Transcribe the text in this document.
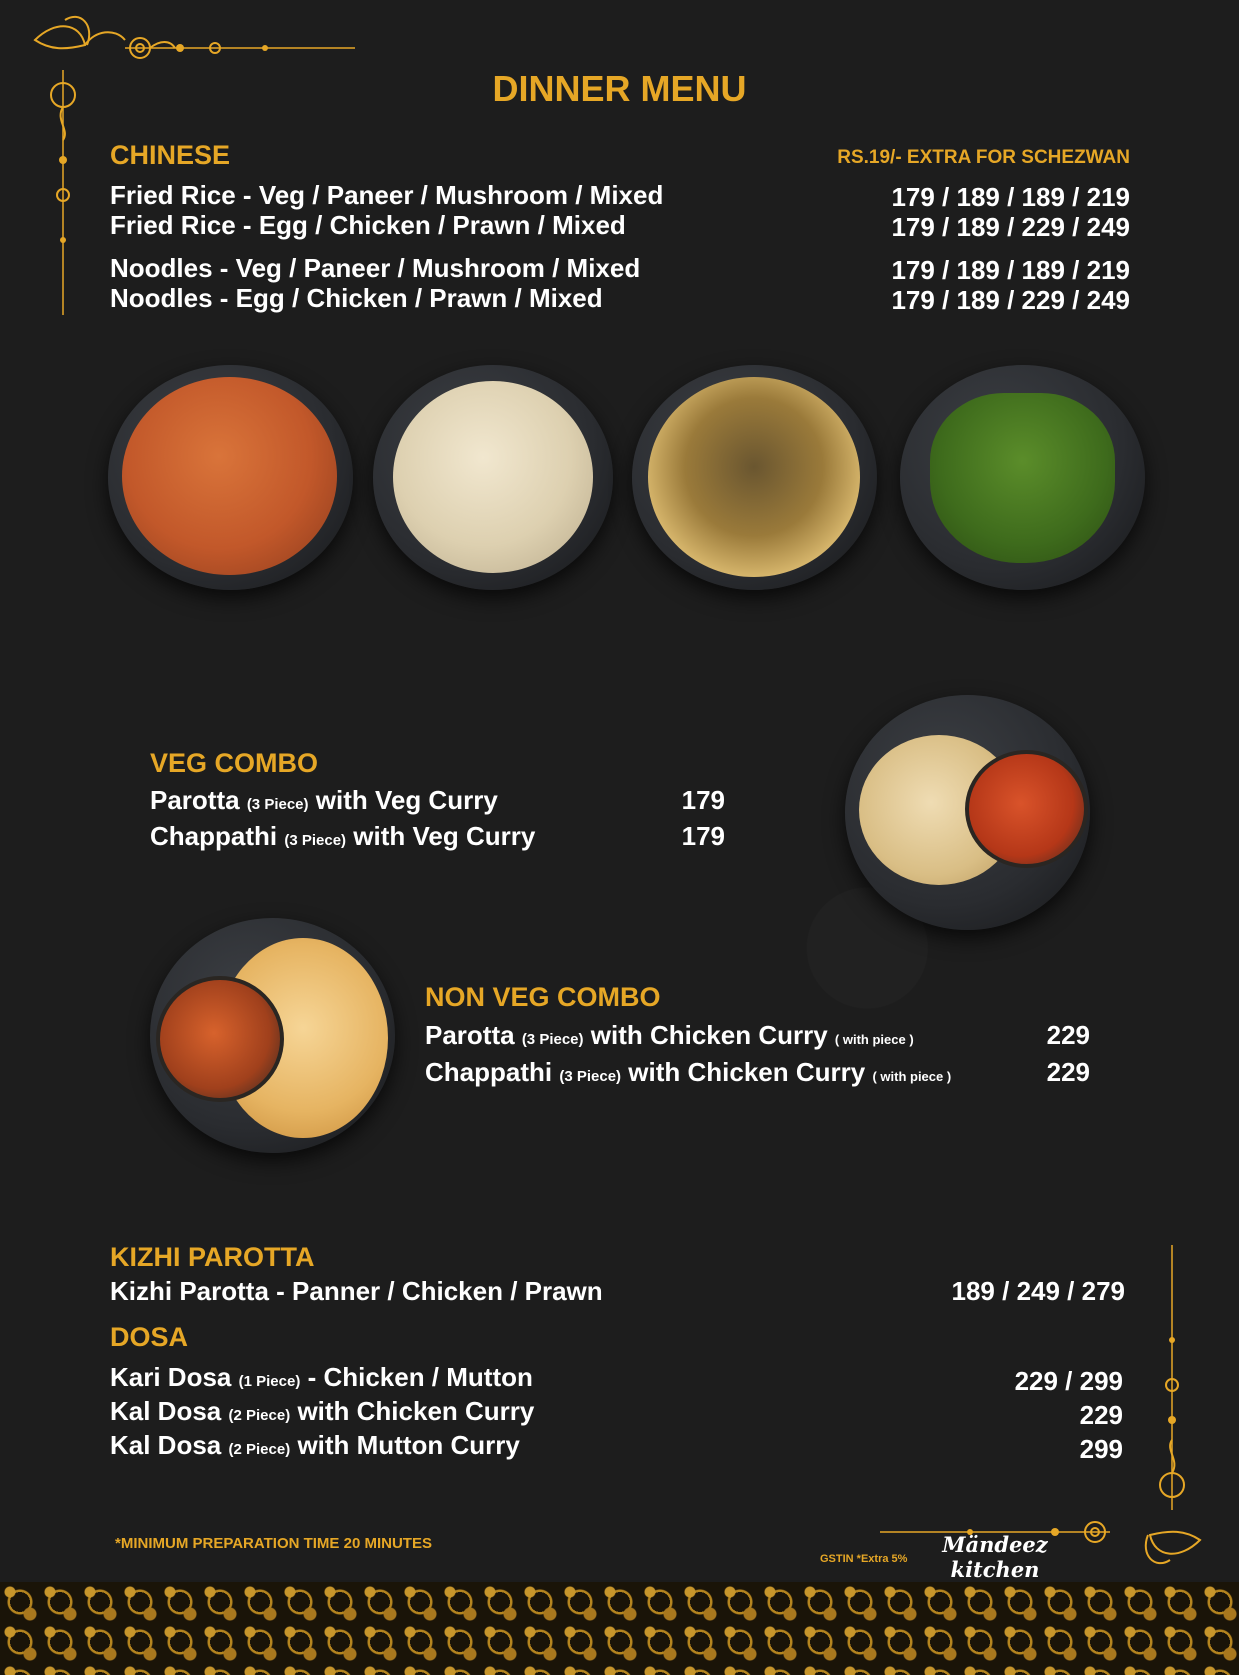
DINNER MENU
CHINESE	RS.19/- EXTRA FOR SCHEZWAN
Fried Rice - Veg / Paneer / Mushroom / Mixed	179 / 189 / 189 / 219
Fried Rice - Egg / Chicken / Prawn / Mixed	179 / 189 / 229 / 249
Noodles - Veg / Paneer / Mushroom / Mixed	179 / 189 / 189 / 219
Noodles - Egg / Chicken / Prawn / Mixed	179 / 189 / 229 / 249
VEG COMBO
Parotta (3 Piece) with Veg Curry	179
Chappathi (3 Piece) with Veg Curry	179
NON VEG COMBO
Parotta (3 Piece) with Chicken Curry ( with piece )	229
Chappathi (3 Piece) with Chicken Curry ( with piece )	229
KIZHI PAROTTA
Kizhi Parotta - Panner / Chicken / Prawn	189 / 249 / 279
DOSA
Kari Dosa (1 Piece) - Chicken / Mutton	229 / 299
Kal Dosa (2 Piece) with Chicken Curry	229
Kal Dosa (2 Piece) with Mutton Curry	299
*MINIMUM PREPARATION TIME 20 MINUTES
GSTIN *Extra 5%
Mändeez kitchen
